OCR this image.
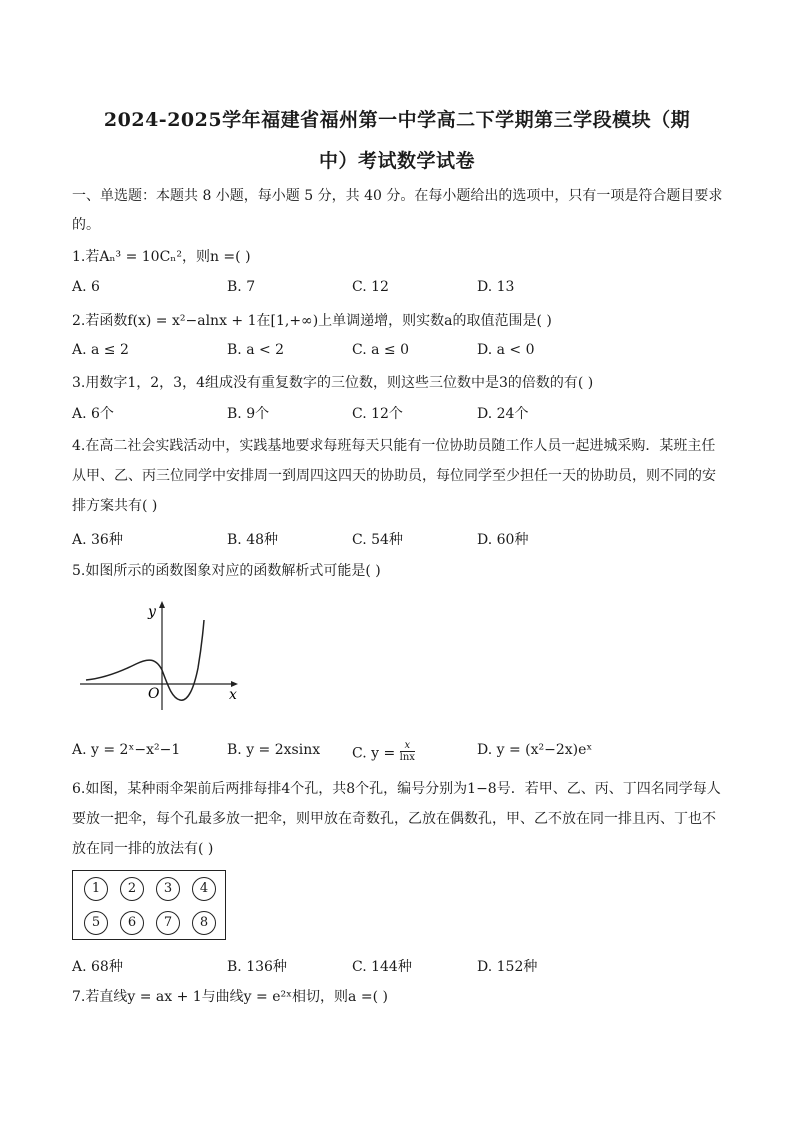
2024-2025学年福建省福州第一中学高二下学期第三学段模块（期
中）考试数学试卷
一、单选题：本题共 8 小题，每小题 5 分，共 40 分。在每小题给出的选项中，只有一项是符合题目要求
的。
1.若Aₙ³ = 10Cₙ²，则n =( )
A. 6	B. 7	C. 12	D. 13
2.若函数f(x) = x²−alnx + 1在[1,+∞)上单调递增，则实数a的取值范围是( )
A. a ≤ 2	B. a < 2	C. a ≤ 0	D. a < 0
3.用数字1，2，3，4组成没有重复数字的三位数，则这些三位数中是3的倍数的有( )
A. 6个	B. 9个	C. 12个	D. 24个
4.在高二社会实践活动中，实践基地要求每班每天只能有一位协助员随工作人员一起进城采购．某班主任
从甲、乙、丙三位同学中安排周一到周四这四天的协助员，每位同学至少担任一天的协助员，则不同的安
排方案共有( )
A. 36种	B. 48种	C. 54种	D. 60种
5.如图所示的函数图象对应的函数解析式可能是( )
y
x
O
A. y = 2ˣ−x²−1	B. y = 2xsinx C. $y = \frac{x}{\ln x}$	D. y = (x²−2x)eˣ
6.如图，某种雨伞架前后两排每排4个孔，共8个孔，编号分别为1−8号．若甲、乙、丙、丁四名同学每人
要放一把伞，每个孔最多放一把伞，则甲放在奇数孔，乙放在偶数孔，甲、乙不放在同一排且丙、丁也不
放在同一排的放法有( )
1	2	3	4
5	6	7	8
A. 68种	B. 136种	C. 144种	D. 152种
7.若直线y = ax + 1与曲线y = e²ˣ相切，则a =( )
